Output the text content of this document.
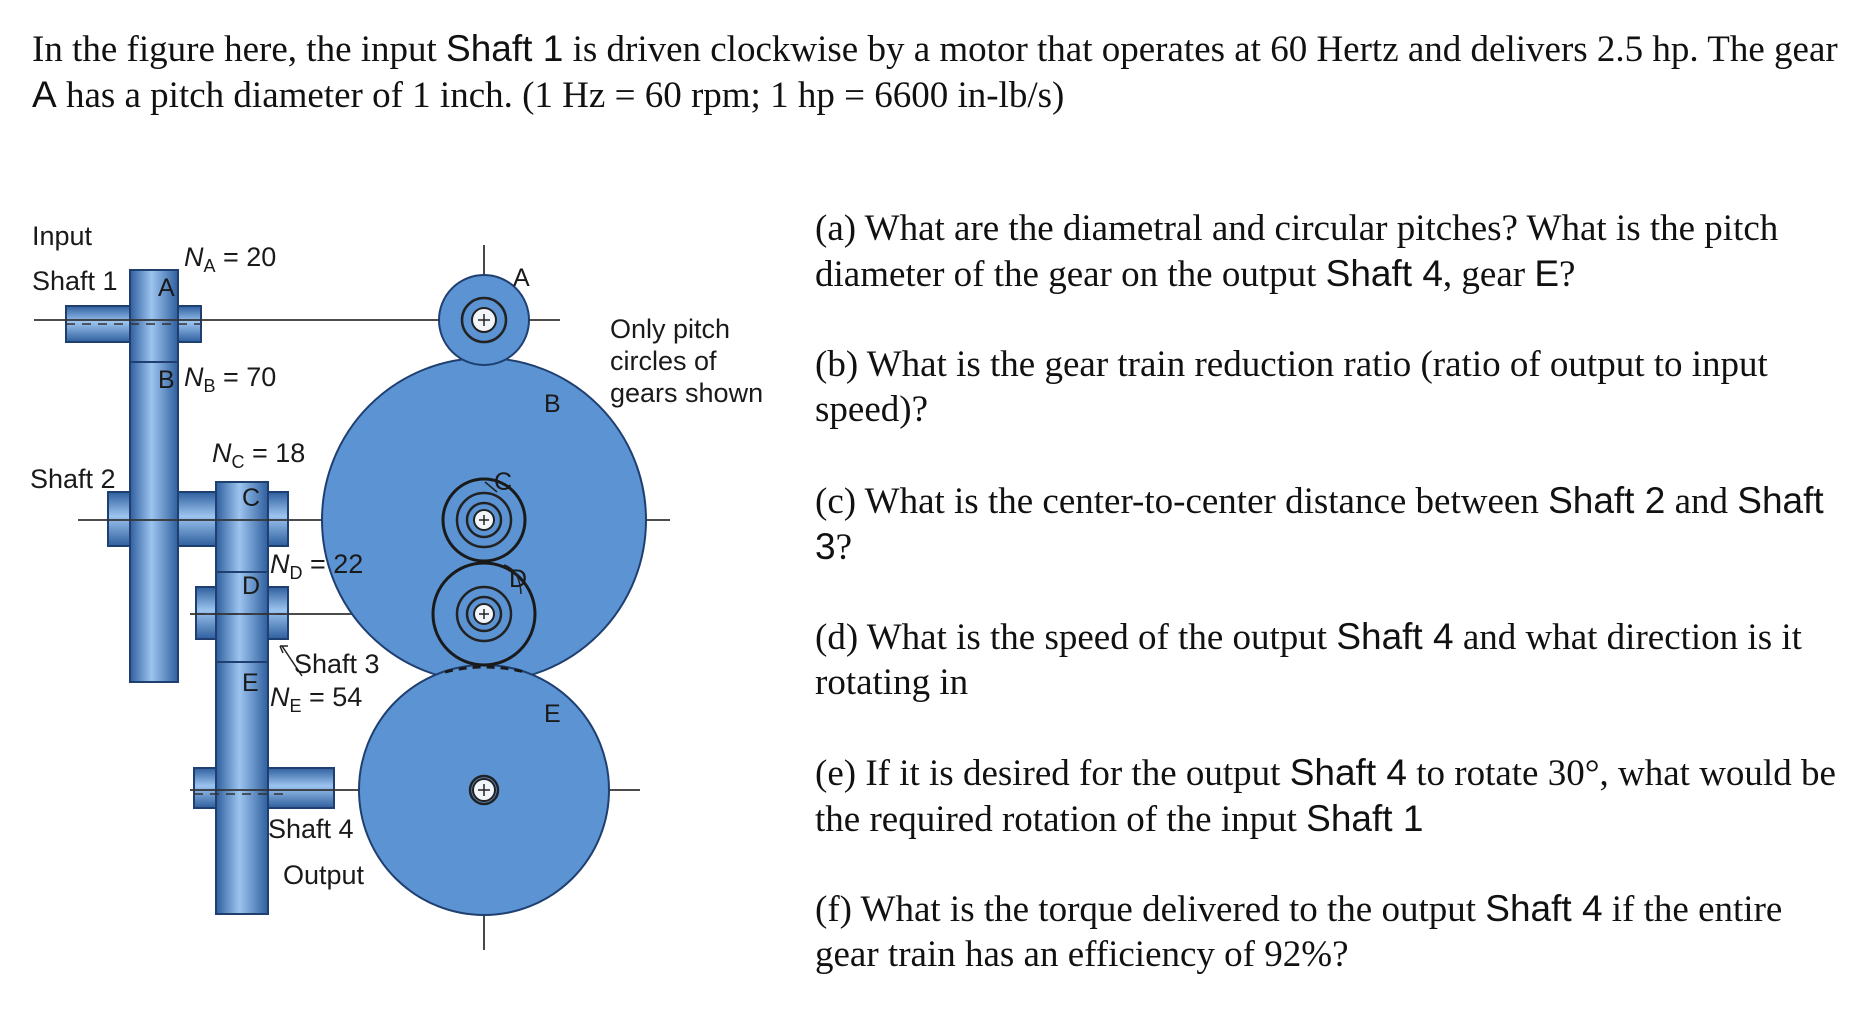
In the figure here, the input Shaft 1 is driven clockwise by a motor that operates at 60 Hertz and delivers 2.5 hp. The gear A has a pitch diameter of 1 inch. (1 Hz = 60 rpm; 1 hp = 6600 in-lb/s)

Input
Shaft 1
Shaft 2
Shaft 3
Shaft 4
Output
A
B
C
D
E
A
B
C
D
E
Only pitch
circles of
gears shown
$N_A = 20$
$N_B = 70$
$N_C = 18$
$N_D = 22$
$N_E = 54$

(a) What are the diametral and circular pitches? What is the pitch diameter of the gear on the output Shaft 4, gear E?

(b) What is the gear train reduction ratio (ratio of output to input speed)?

(c) What is the center-to-center distance between Shaft 2 and Shaft 3?

(d) What is the speed of the output Shaft 4 and what direction is it rotating in

(e) If it is desired for the output Shaft 4 to rotate 30°, what would be the required rotation of the input Shaft 1

(f) What is the torque delivered to the output Shaft 4 if the entire gear train has an efficiency of 92%?
